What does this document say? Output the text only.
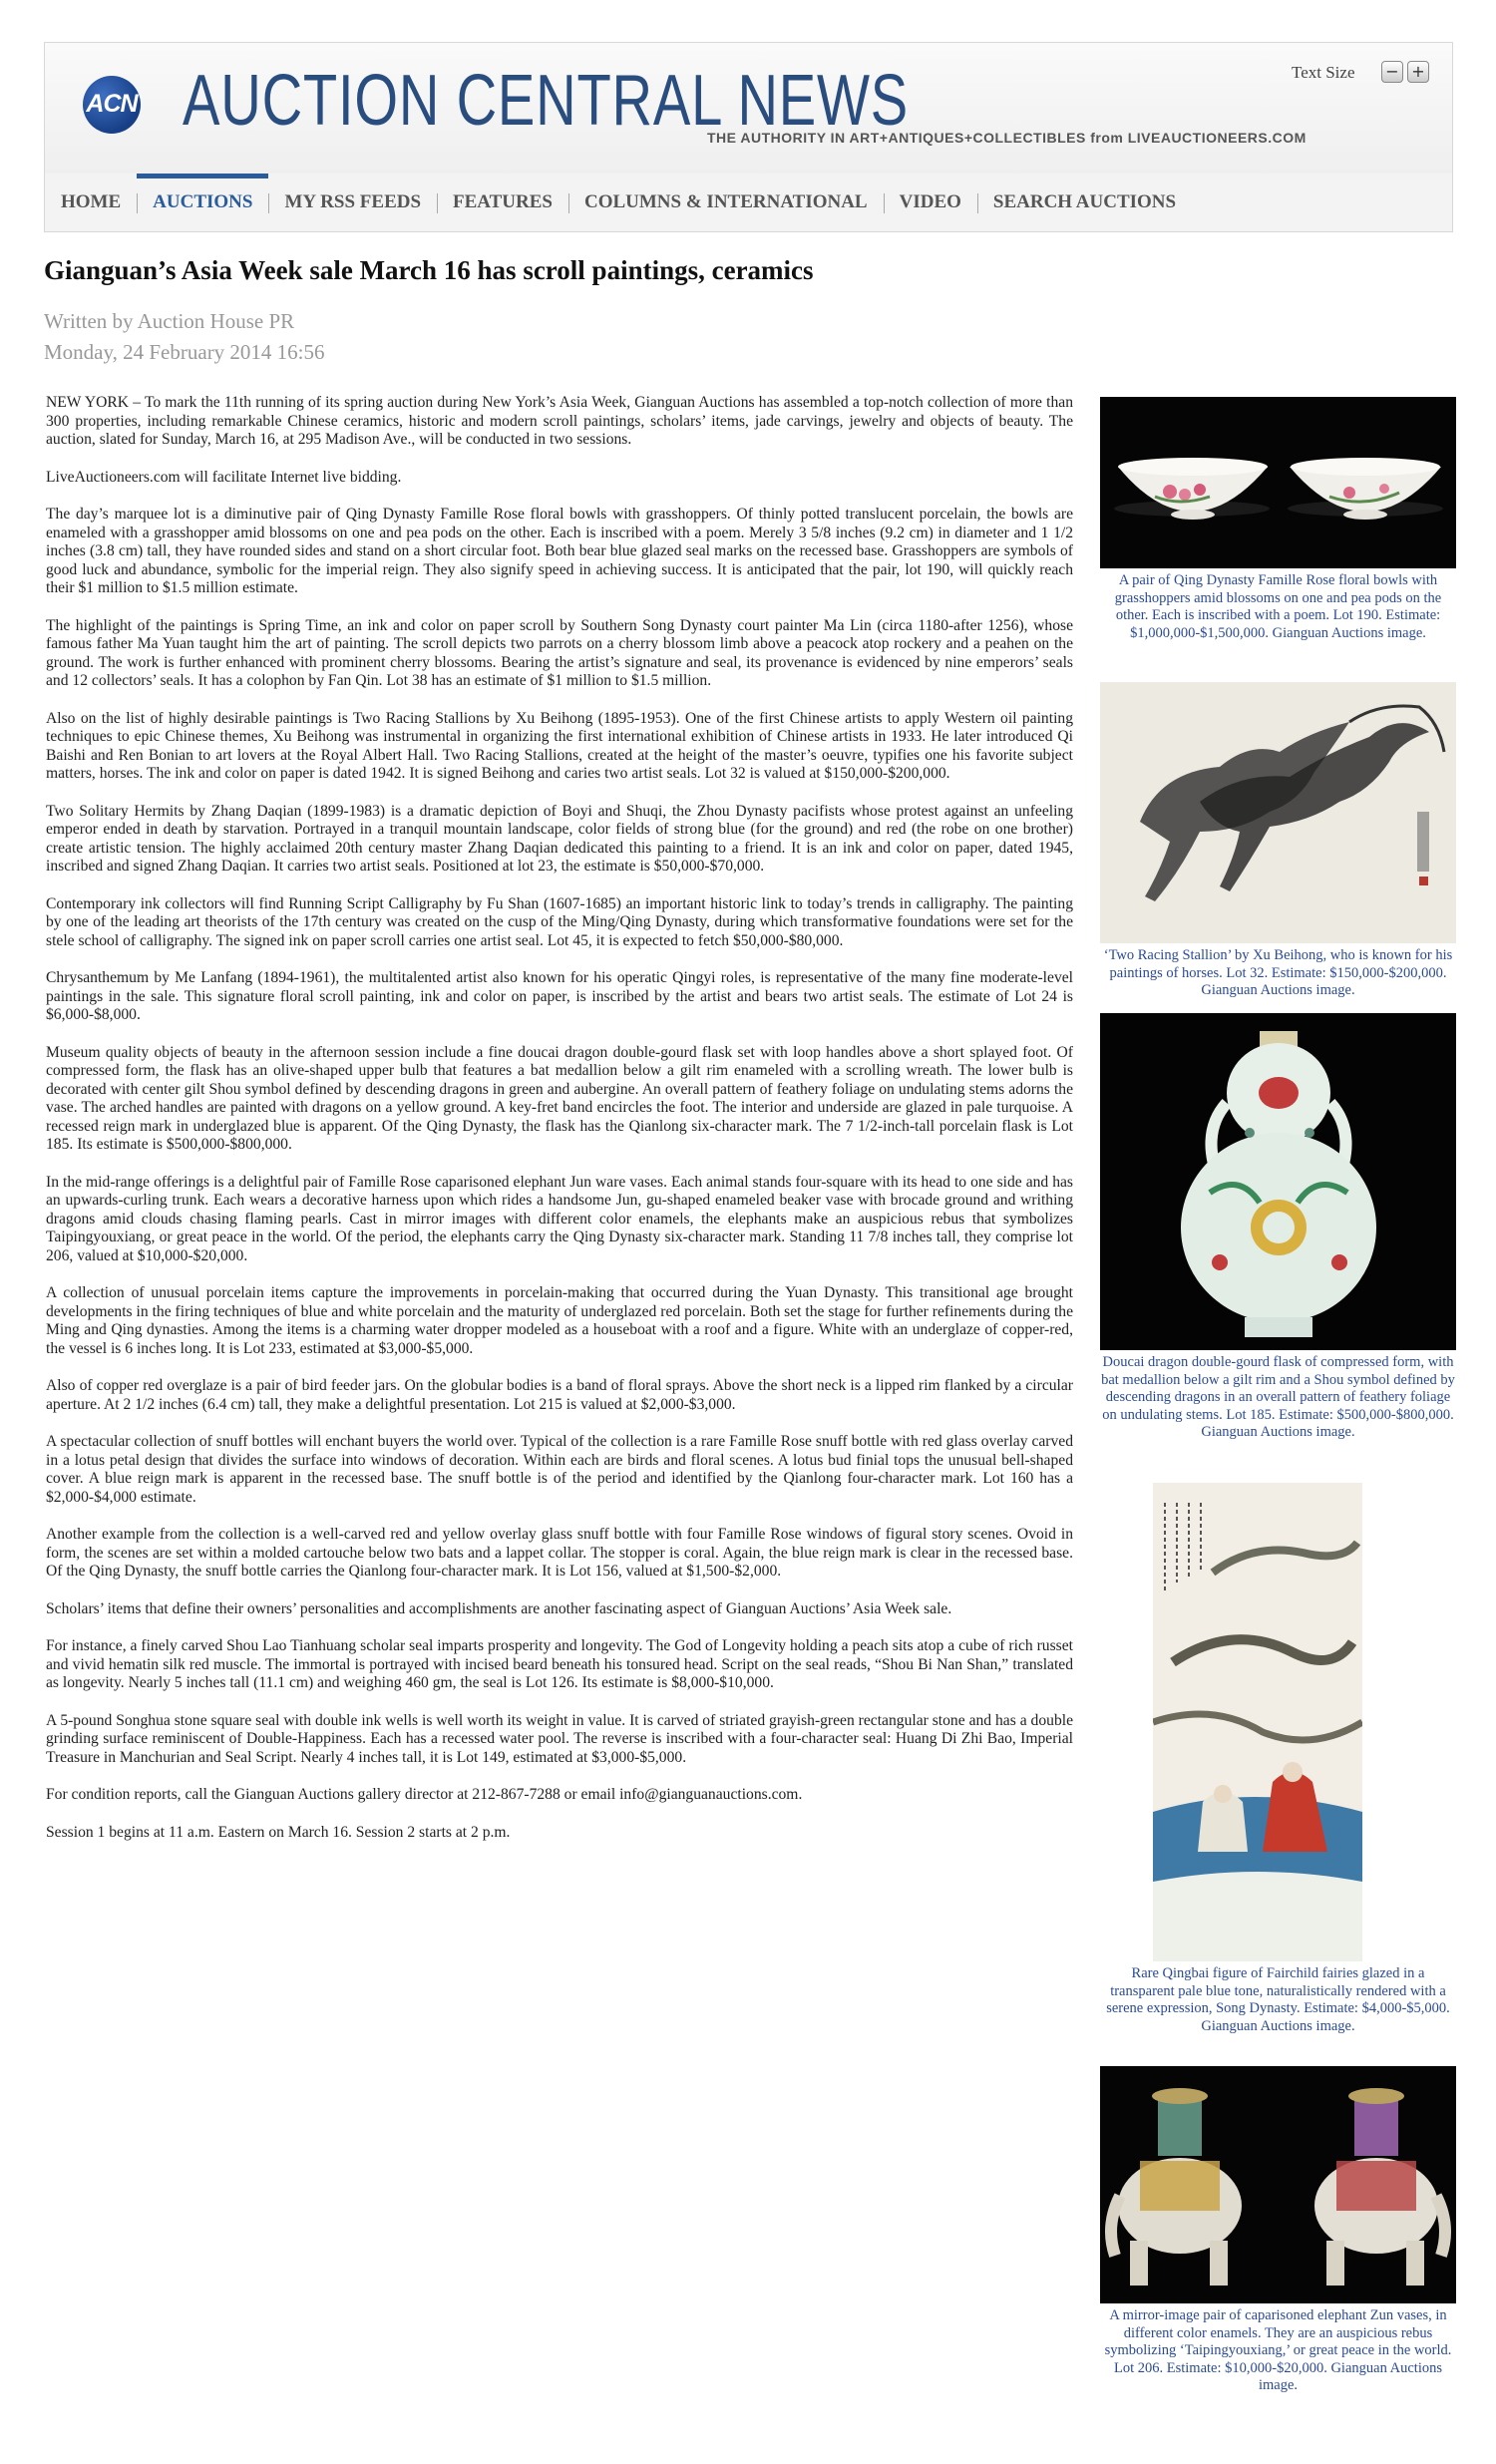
ACN AUCTION CENTRAL NEWS
THE AUTHORITY IN ART+ANTIQUES+COLLECTIBLES from LIVEAUCTIONEERS.COM
Text Size − +
HOME	AUCTIONS	MY RSS FEEDS	FEATURES	COLUMNS & INTERNATIONAL	VIDEO	SEARCH AUCTIONS
Gianguan’s Asia Week sale March 16 has scroll paintings, ceramics
Written by Auction House PR
Monday, 24 February 2014 16:56

NEW YORK – To mark the 11th running of its spring auction during New York’s Asia Week, Gianguan Auctions has assembled a top-notch collection of more than 300 properties, including remarkable Chinese ceramics, historic and modern scroll paintings, scholars’ items, jade carvings, jewelry and objects of beauty. The auction, slated for Sunday, March 16, at 295 Madison Ave., will be conducted in two sessions.

LiveAuctioneers.com will facilitate Internet live bidding.

The day’s marquee lot is a diminutive pair of Qing Dynasty Famille Rose floral bowls with grasshoppers. Of thinly potted translucent porcelain, the bowls are enameled with a grasshopper amid blossoms on one and pea pods on the other. Each is inscribed with a poem. Merely 3 5/8 inches (9.2 cm) in diameter and 1 1/2 inches (3.8 cm) tall, they have rounded sides and stand on a short circular foot. Both bear blue glazed seal marks on the recessed base. Grasshoppers are symbols of good luck and abundance, symbolic for the imperial reign. They also signify speed in achieving success. It is anticipated that the pair, lot 190, will quickly reach their $1 million to $1.5 million estimate.

The highlight of the paintings is Spring Time, an ink and color on paper scroll by Southern Song Dynasty court painter Ma Lin (circa 1180-after 1256), whose famous father Ma Yuan taught him the art of painting. The scroll depicts two parrots on a cherry blossom limb above a peacock atop rockery and a peahen on the ground. The work is further enhanced with prominent cherry blossoms. Bearing the artist’s signature and seal, its provenance is evidenced by nine emperors’ seals and 12 collectors’ seals. It has a colophon by Fan Qin. Lot 38 has an estimate of $1 million to $1.5 million.

Also on the list of highly desirable paintings is Two Racing Stallions by Xu Beihong (1895-1953). One of the first Chinese artists to apply Western oil painting techniques to epic Chinese themes, Xu Beihong was instrumental in organizing the first international exhibition of Chinese artists in 1933. He later introduced Qi Baishi and Ren Bonian to art lovers at the Royal Albert Hall. Two Racing Stallions, created at the height of the master’s oeuvre, typifies one his favorite subject matters, horses. The ink and color on paper is dated 1942. It is signed Beihong and caries two artist seals. Lot 32 is valued at $150,000-$200,000.

Two Solitary Hermits by Zhang Daqian (1899-1983) is a dramatic depiction of Boyi and Shuqi, the Zhou Dynasty pacifists whose protest against an unfeeling emperor ended in death by starvation. Portrayed in a tranquil mountain landscape, color fields of strong blue (for the ground) and red (the robe on one brother) create artistic tension. The highly acclaimed 20th century master Zhang Daqian dedicated this painting to a friend. It is an ink and color on paper, dated 1945, inscribed and signed Zhang Daqian. It carries two artist seals. Positioned at lot 23, the estimate is $50,000-$70,000.

Contemporary ink collectors will find Running Script Calligraphy by Fu Shan (1607-1685) an important historic link to today’s trends in calligraphy. The painting by one of the leading art theorists of the 17th century was created on the cusp of the Ming/Qing Dynasty, during which transformative foundations were set for the stele school of calligraphy. The signed ink on paper scroll carries one artist seal. Lot 45, it is expected to fetch $50,000-$80,000.

Chrysanthemum by Me Lanfang (1894-1961), the multitalented artist also known for his operatic Qingyi roles, is representative of the many fine moderate-level paintings in the sale. This signature floral scroll painting, ink and color on paper, is inscribed by the artist and bears two artist seals. The estimate of Lot 24 is $6,000-$8,000.

Museum quality objects of beauty in the afternoon session include a fine doucai dragon double-gourd flask set with loop handles above a short splayed foot. Of compressed form, the flask has an olive-shaped upper bulb that features a bat medallion below a gilt rim enameled with a scrolling wreath. The lower bulb is decorated with center gilt Shou symbol defined by descending dragons in green and aubergine. An overall pattern of feathery foliage on undulating stems adorns the vase. The arched handles are painted with dragons on a yellow ground. A key-fret band encircles the foot. The interior and underside are glazed in pale turquoise. A recessed reign mark in underglazed blue is apparent. Of the Qing Dynasty, the flask has the Qianlong six-character mark. The 7 1/2-inch-tall porcelain flask is Lot 185. Its estimate is $500,000-$800,000.

In the mid-range offerings is a delightful pair of Famille Rose caparisoned elephant Jun ware vases. Each animal stands four-square with its head to one side and has an upwards-curling trunk. Each wears a decorative harness upon which rides a handsome Jun, gu-shaped enameled beaker vase with brocade ground and writhing dragons amid clouds chasing flaming pearls. Cast in mirror images with different color enamels, the elephants make an auspicious rebus that symbolizes Taipingyouxiang, or great peace in the world. Of the period, the elephants carry the Qing Dynasty six-character mark. Standing 11 7/8 inches tall, they comprise lot 206, valued at $10,000-$20,000.

A collection of unusual porcelain items capture the improvements in porcelain-making that occurred during the Yuan Dynasty. This transitional age brought developments in the firing techniques of blue and white porcelain and the maturity of underglazed red porcelain. Both set the stage for further refinements during the Ming and Qing dynasties. Among the items is a charming water dropper modeled as a houseboat with a roof and a figure. White with an underglaze of copper-red, the vessel is 6 inches long. It is Lot 233, estimated at $3,000-$5,000.

Also of copper red overglaze is a pair of bird feeder jars. On the globular bodies is a band of floral sprays. Above the short neck is a lipped rim flanked by a circular aperture. At 2 1/2 inches (6.4 cm) tall, they make a delightful presentation. Lot 215 is valued at $2,000-$3,000.

A spectacular collection of snuff bottles will enchant buyers the world over. Typical of the collection is a rare Famille Rose snuff bottle with red glass overlay carved in a lotus petal design that divides the surface into windows of decoration. Within each are birds and floral scenes. A lotus bud finial tops the unusual bell-shaped cover. A blue reign mark is apparent in the recessed base. The snuff bottle is of the period and identified by the Qianlong four-character mark. Lot 160 has a $2,000-$4,000 estimate.

Another example from the collection is a well-carved red and yellow overlay glass snuff bottle with four Famille Rose windows of figural story scenes. Ovoid in form, the scenes are set within a molded cartouche below two bats and a lappet collar. The stopper is coral. Again, the blue reign mark is clear in the recessed base. Of the Qing Dynasty, the snuff bottle carries the Qianlong four-character mark. It is Lot 156, valued at $1,500-$2,000.

Scholars’ items that define their owners’ personalities and accomplishments are another fascinating aspect of Gianguan Auctions’ Asia Week sale.

For instance, a finely carved Shou Lao Tianhuang scholar seal imparts prosperity and longevity. The God of Longevity holding a peach sits atop a cube of rich russet and vivid hematin silk red muscle. The immortal is portrayed with incised beard beneath his tonsured head. Script on the seal reads, “Shou Bi Nan Shan,” translated as longevity. Nearly 5 inches tall (11.1 cm) and weighing 460 gm, the seal is Lot 126. Its estimate is $8,000-$10,000.

A 5-pound Songhua stone square seal with double ink wells is well worth its weight in value. It is carved of striated grayish-green rectangular stone and has a double grinding surface reminiscent of Double-Happiness. Each has a recessed water pool. The reverse is inscribed with a four-character seal: Huang Di Zhi Bao, Imperial Treasure in Manchurian and Seal Script. Nearly 4 inches tall, it is Lot 149, estimated at $3,000-$5,000.

For condition reports, call the Gianguan Auctions gallery director at 212-867-7288 or email info@gianguanauctions.com.

Session 1 begins at 11 a.m. Eastern on March 16. Session 2 starts at 2 p.m.

A pair of Qing Dynasty Famille Rose floral bowls with grasshoppers amid blossoms on one and pea pods on the other. Each is inscribed with a poem. Lot 190. Estimate: $1,000,000-$1,500,000. Gianguan Auctions image.
‘Two Racing Stallion’ by Xu Beihong, who is known for his paintings of horses. Lot 32. Estimate: $150,000-$200,000. Gianguan Auctions image.
Doucai dragon double-gourd flask of compressed form, with bat medallion below a gilt rim and a Shou symbol defined by descending dragons in an overall pattern of feathery foliage on undulating stems. Lot 185. Estimate: $500,000-$800,000. Gianguan Auctions image.
Rare Qingbai figure of Fairchild fairies glazed in a transparent pale blue tone, naturalistically rendered with a serene expression, Song Dynasty. Estimate: $4,000-$5,000. Gianguan Auctions image.
A mirror-image pair of caparisoned elephant Zun vases, in different color enamels. They are an auspicious rebus symbolizing ‘Taipingyouxiang,’ or great peace in the world. Lot 206. Estimate: $10,000-$20,000. Gianguan Auctions image.
